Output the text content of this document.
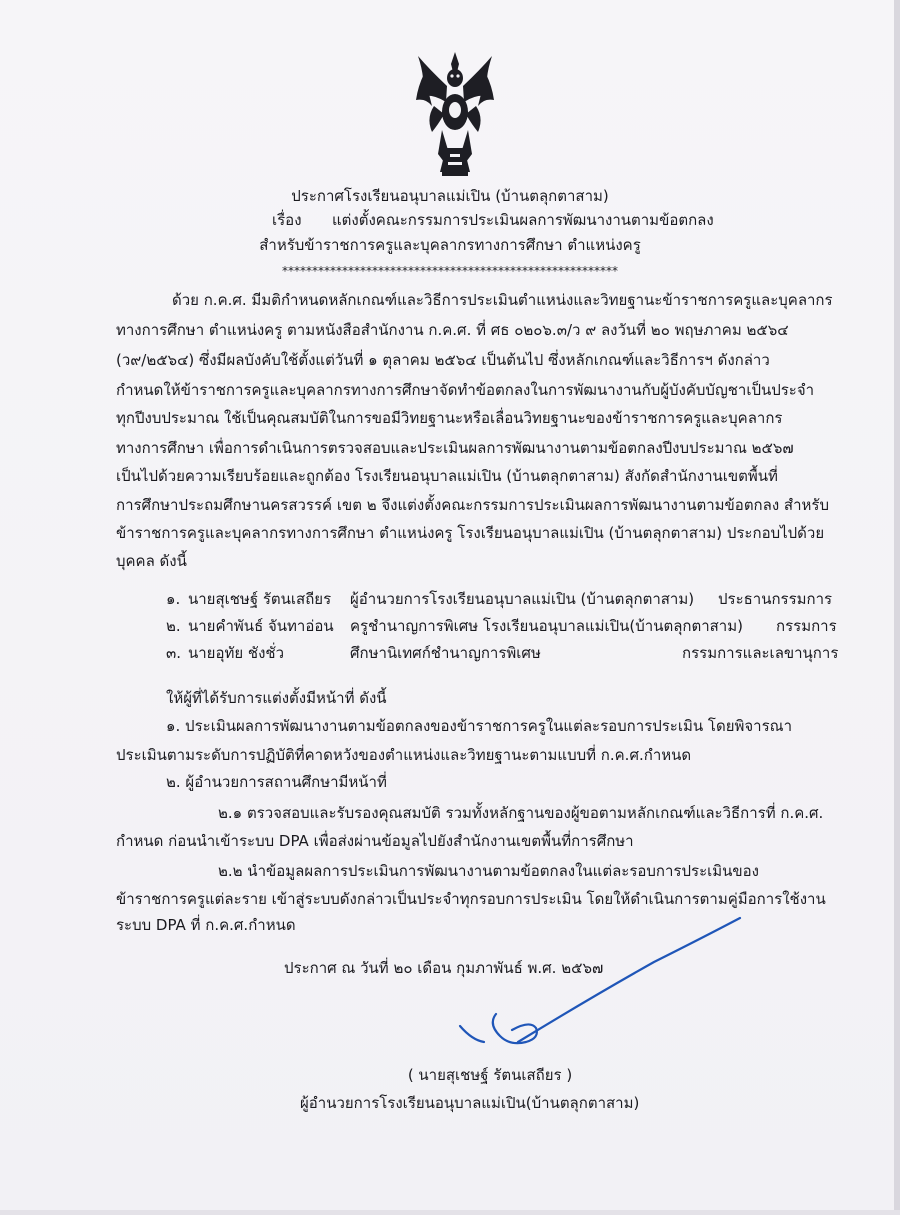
ประกาศโรงเรียนอนุบาลแม่เปิน (บ้านตลุกตาสาม)
เรื่อง แต่งตั้งคณะกรรมการประเมินผลการพัฒนางานตามข้อตกลง
สำหรับข้าราชการครูและบุคลากรทางการศึกษา ตำแหน่งครู
********************************************************
ด้วย ก.ค.ศ. มีมติกำหนดหลักเกณฑ์และวิธีการประเมินตำแหน่งและวิทยฐานะข้าราชการครูและบุคลากร
ทางการศึกษา ตำแหน่งครู ตามหนังสือสำนักงาน ก.ค.ศ. ที่ ศธ ๐๒๐๖.๓/ว ๙ ลงวันที่ ๒๐ พฤษภาคม ๒๕๖๔
(ว๙/๒๕๖๔) ซึ่งมีผลบังคับใช้ตั้งแต่วันที่ ๑ ตุลาคม ๒๕๖๔ เป็นต้นไป ซึ่งหลักเกณฑ์และวิธีการฯ ดังกล่าว
กำหนดให้ข้าราชการครูและบุคลากรทางการศึกษาจัดทำข้อตกลงในการพัฒนางานกับผู้บังคับบัญชาเป็นประจำ
ทุกปีงบประมาณ ใช้เป็นคุณสมบัติในการขอมีวิทยฐานะหรือเลื่อนวิทยฐานะของข้าราชการครูและบุคลากร
ทางการศึกษา เพื่อการดำเนินการตรวจสอบและประเมินผลการพัฒนางานตามข้อตกลงปีงบประมาณ ๒๕๖๗
เป็นไปด้วยความเรียบร้อยและถูกต้อง โรงเรียนอนุบาลแม่เปิน (บ้านตลุกตาสาม) สังกัดสำนักงานเขตพื้นที่
การศึกษาประถมศึกษานครสวรรค์ เขต ๒ จึงแต่งตั้งคณะกรรมการประเมินผลการพัฒนางานตามข้อตกลง สำหรับ
ข้าราชการครูและบุคลากรทางการศึกษา ตำแหน่งครู โรงเรียนอนุบาลแม่เปิน (บ้านตลุกตาสาม) ประกอบไปด้วย
บุคคล ดังนี้
๑. นายสุเชษฐ์ รัตนเสถียร ผู้อำนวยการโรงเรียนอนุบาลแม่เปิน (บ้านตลุกตาสาม) ประธานกรรมการ
๒. นายคำพันธ์ จันทาอ่อน ครูชำนาญการพิเศษ โรงเรียนอนุบาลแม่เปิน(บ้านตลุกตาสาม) กรรมการ
๓. นายอุทัย ชังชั่ว	ศึกษานิเทศก์ชำนาญการพิเศษ	กรรมการและเลขานุการ
ให้ผู้ที่ได้รับการแต่งตั้งมีหน้าที่ ดังนี้
๑. ประเมินผลการพัฒนางานตามข้อตกลงของข้าราชการครูในแต่ละรอบการประเมิน โดยพิจารณา
ประเมินตามระดับการปฏิบัติที่คาดหวังของตำแหน่งและวิทยฐานะตามแบบที่ ก.ค.ศ.กำหนด
๒. ผู้อำนวยการสถานศึกษามีหน้าที่
๒.๑ ตรวจสอบและรับรองคุณสมบัติ รวมทั้งหลักฐานของผู้ขอตามหลักเกณฑ์และวิธีการที่ ก.ค.ศ.
กำหนด ก่อนนำเข้าระบบ DPA เพื่อส่งผ่านข้อมูลไปยังสำนักงานเขตพื้นที่การศึกษา
๒.๒ นำข้อมูลผลการประเมินการพัฒนางานตามข้อตกลงในแต่ละรอบการประเมินของ
ข้าราชการครูแต่ละราย เข้าสู่ระบบดังกล่าวเป็นประจำทุกรอบการประเมิน โดยให้ดำเนินการตามคู่มือการใช้งาน
ระบบ DPA ที่ ก.ค.ศ.กำหนด
ประกาศ ณ วันที่ ๒๐ เดือน กุมภาพันธ์ พ.ศ. ๒๕๖๗
( นายสุเชษฐ์ รัตนเสถียร )
ผู้อำนวยการโรงเรียนอนุบาลแม่เปิน(บ้านตลุกตาสาม)
